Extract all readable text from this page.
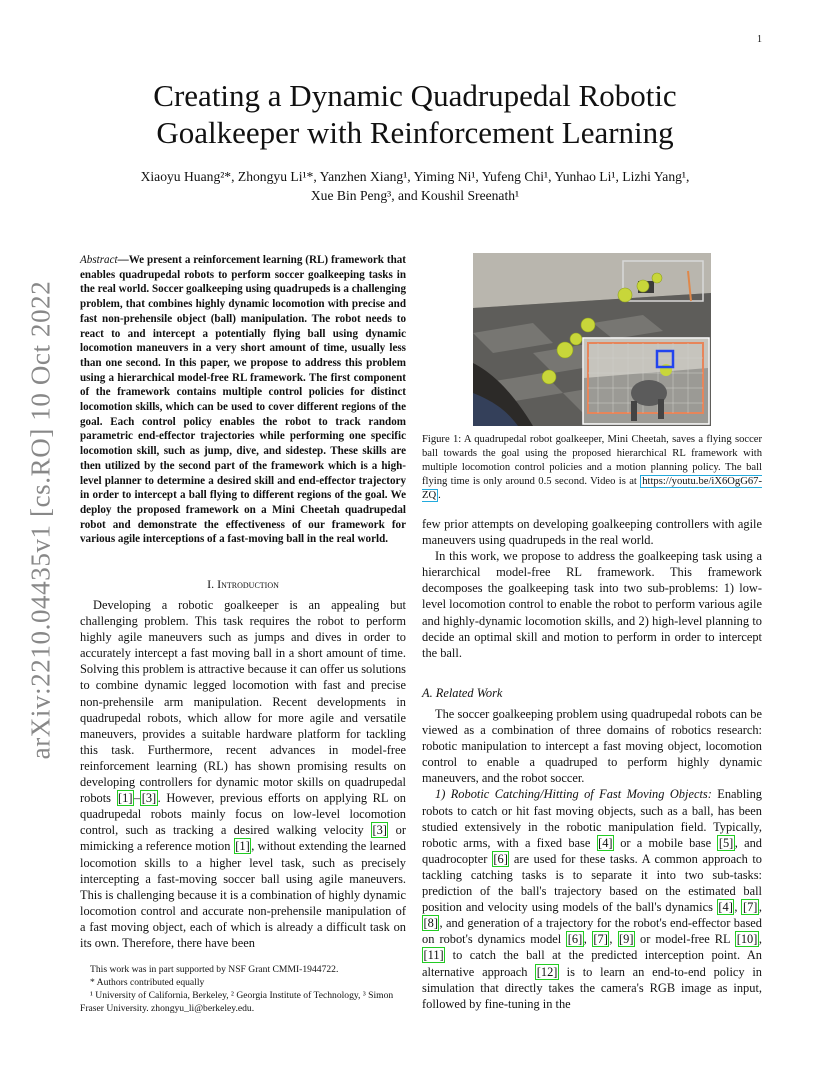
1
Creating a Dynamic Quadrupedal Robotic Goalkeeper with Reinforcement Learning
Xiaoyu Huang²*, Zhongyu Li¹*, Yanzhen Xiang¹, Yiming Ni¹, Yufeng Chi¹, Yunhao Li¹, Lizhi Yang¹,
Xue Bin Peng³, and Koushil Sreenath¹
arXiv:2210.04435v1 [cs.RO] 10 Oct 2022
Abstract—We present a reinforcement learning (RL) framework that enables quadrupedal robots to perform soccer goalkeeping tasks in the real world. Soccer goalkeeping using quadrupeds is a challenging problem, that combines highly dynamic locomotion with precise and fast non-prehensile object (ball) manipulation. The robot needs to react to and intercept a potentially flying ball using dynamic locomotion maneuvers in a very short amount of time, usually less than one second. In this paper, we propose to address this problem using a hierarchical model-free RL framework. The first component of the framework contains multiple control policies for distinct locomotion skills, which can be used to cover different regions of the goal. Each control policy enables the robot to track random parametric end-effector trajectories while performing one specific locomotion skill, such as jump, dive, and sidestep. These skills are then utilized by the second part of the framework which is a high-level planner to determine a desired skill and end-effector trajectory in order to intercept a ball flying to different regions of the goal. We deploy the proposed framework on a Mini Cheetah quadrupedal robot and demonstrate the effectiveness of our framework for various agile interceptions of a fast-moving ball in the real world.
I. Introduction

Developing a robotic goalkeeper is an appealing but challenging problem. This task requires the robot to perform highly agile maneuvers such as jumps and dives in order to accurately intercept a fast moving ball in a short amount of time. Solving this problem is attractive because it can offer us solutions to combine dynamic legged locomotion with fast and precise non-prehensile arm manipulation. Recent developments in quadrupedal robots, which allow for more agile and versatile maneuvers, provides a suitable hardware platform for tackling this task. Furthermore, recent advances in model-free reinforcement learning (RL) has shown promising results on developing controllers for dynamic motor skills on quadrupedal robots [1] – [3] . However, previous efforts on applying RL on quadrupedal robots mainly focus on low-level locomotion control, such as tracking a desired walking velocity [3] or mimicking a reference motion [1] , without extending the learned locomotion skills to a higher level task, such as precisely intercepting a fast-moving soccer ball using agile maneuvers. This is challenging because it is a combination of highly dynamic locomotion control and accurate non-prehensile manipulation of a fast moving object, each of which is already a difficult task on its own. Therefore, there have been

This work was in part supported by NSF Grant CMMI-1944722.

* Authors contributed equally

¹ University of California, Berkeley, ² Georgia Institute of Technology, ³ Simon Fraser University. zhongyu_li@berkeley.edu.

Figure 1: A quadrupedal robot goalkeeper, Mini Cheetah, saves a flying soccer ball towards the goal using the proposed hierarchical RL framework with multiple locomotion control policies and a motion planning policy. The ball flying time is only around 0.5 second. Video is at https://youtu.be/iX6OgG67-ZQ .

few prior attempts on developing goalkeeping controllers with agile maneuvers using quadrupeds in the real world.

In this work, we propose to address the goalkeeping task using a hierarchical model-free RL framework. This framework decomposes the goalkeeping task into two sub-problems: 1) low-level locomotion control to enable the robot to perform various agile and highly-dynamic locomotion skills, and 2) high-level planning to decide an optimal skill and motion to perform in order to intercept the ball.

A. Related Work

The soccer goalkeeping problem using quadrupedal robots can be viewed as a combination of three domains of robotics research: robotic manipulation to intercept a fast moving object, locomotion control to enable a quadruped to perform highly dynamic maneuvers, and the robot soccer.

1) Robotic Catching/Hitting of Fast Moving Objects: Enabling robots to catch or hit fast moving objects, such as a ball, has been studied extensively in the robotic manipulation field. Typically, robotic arms, with a fixed base [4] or a mobile base [5] , and quadrocopter [6] are used for these tasks. A common approach to tackling catching tasks is to separate it into two sub-tasks: prediction of the ball's trajectory based on the estimated ball position and velocity using models of the ball's dynamics [4] , [7] , [8] , and generation of a trajectory for the robot's end-effector based on robot's dynamics model [6] , [7] , [9] or model-free RL [10] , [11] to catch the ball at the predicted interception point. An alternative approach [12] is to learn an end-to-end policy in simulation that directly takes the camera's RGB image as input, followed by fine-tuning in the
